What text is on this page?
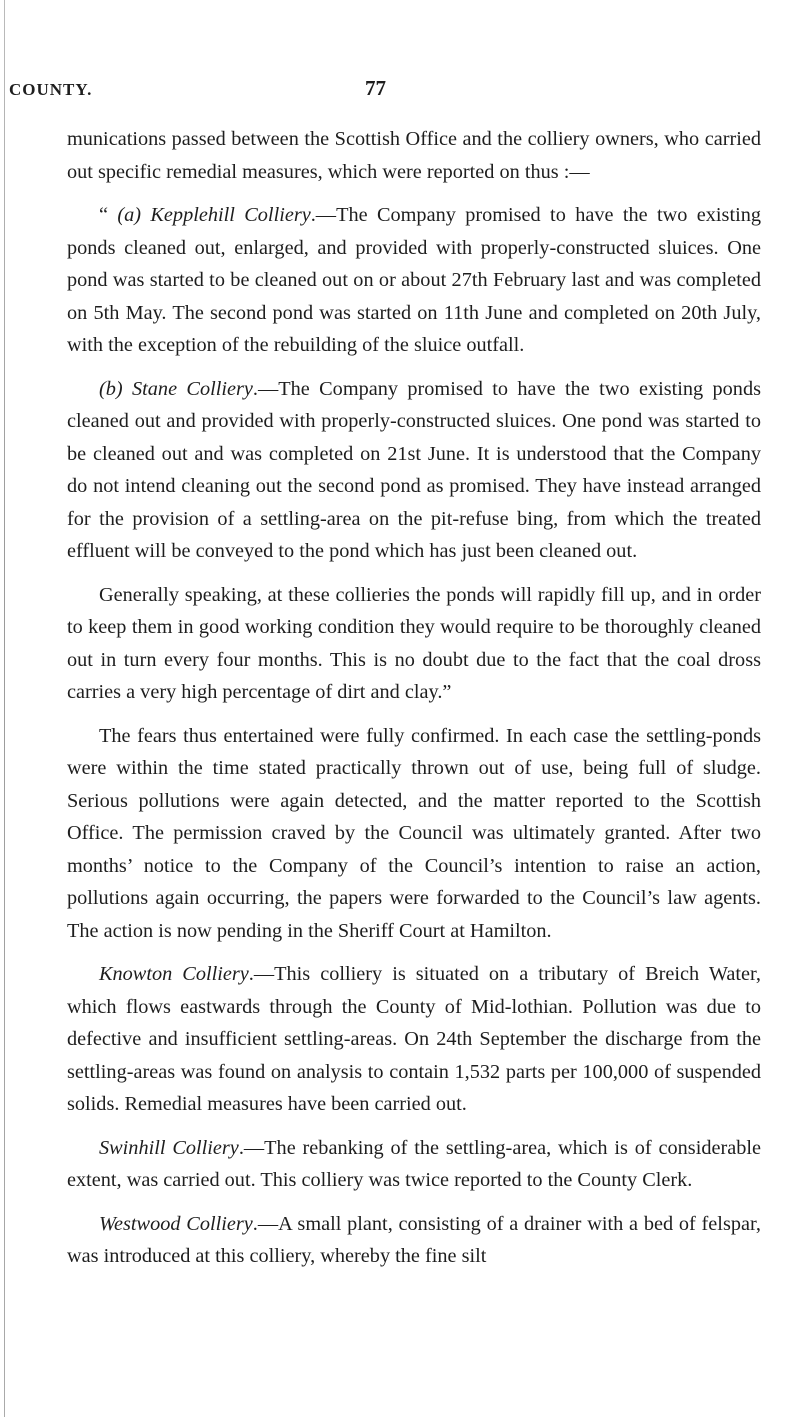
COUNTY.	77

munications passed between the Scottish Office and the colliery owners, who carried out specific remedial measures, which were reported on thus :—

“ (a) Kepplehill Colliery.—The Company promised to have the two existing ponds cleaned out, enlarged, and provided with properly-constructed sluices. One pond was started to be cleaned out on or about 27th February last and was completed on 5th May. The second pond was started on 11th June and completed on 20th July, with the exception of the rebuilding of the sluice outfall.

(b) Stane Colliery.—The Company promised to have the two existing ponds cleaned out and provided with properly-constructed sluices. One pond was started to be cleaned out and was completed on 21st June. It is understood that the Company do not intend cleaning out the second pond as promised. They have instead arranged for the provision of a settling-area on the pit-refuse bing, from which the treated effluent will be conveyed to the pond which has just been cleaned out.

Generally speaking, at these collieries the ponds will rapidly fill up, and in order to keep them in good working condition they would require to be thoroughly cleaned out in turn every four months. This is no doubt due to the fact that the coal dross carries a very high percentage of dirt and clay.”

The fears thus entertained were fully confirmed. In each case the settling-ponds were within the time stated practically thrown out of use, being full of sludge. Serious pollutions were again detected, and the matter reported to the Scottish Office. The permission craved by the Council was ultimately granted. After two months’ notice to the Company of the Council’s intention to raise an action, pollutions again occurring, the papers were forwarded to the Council’s law agents. The action is now pending in the Sheriff Court at Hamilton.

Knowton Colliery.—This colliery is situated on a tributary of Breich Water, which flows eastwards through the County of Mid-lothian. Pollution was due to defective and insufficient settling-areas. On 24th September the discharge from the settling-areas was found on analysis to contain 1,532 parts per 100,000 of suspended solids. Remedial measures have been carried out.

Swinhill Colliery.—The rebanking of the settling-area, which is of considerable extent, was carried out. This colliery was twice reported to the County Clerk.

Westwood Colliery.—A small plant, consisting of a drainer with a bed of felspar, was introduced at this colliery, whereby the fine silt
